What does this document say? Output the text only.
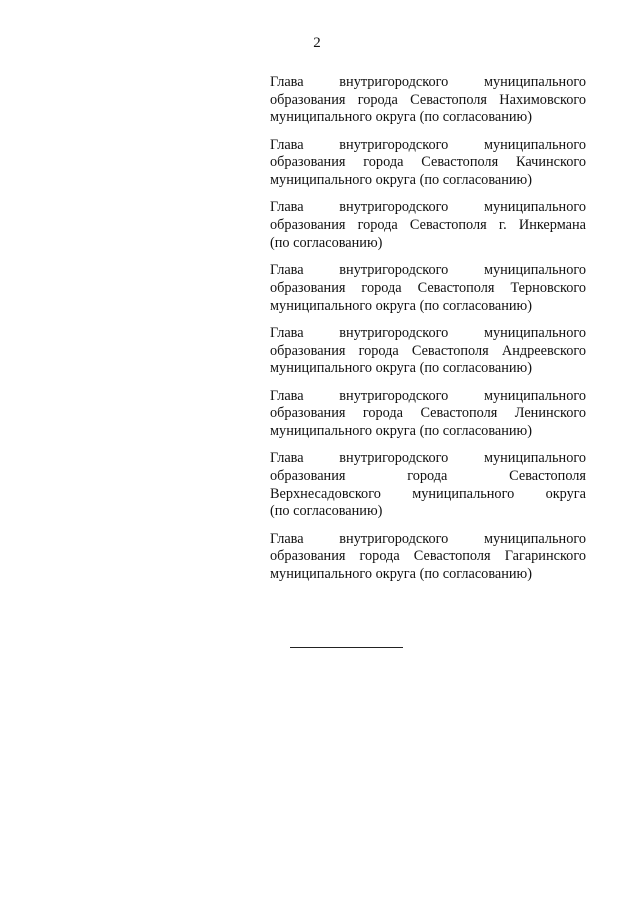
2
Глава внутригородского муниципального
образования города Севастополя Нахимовского
муниципального округа (по согласованию)
Глава внутригородского муниципального
образования города Севастополя Качинского
муниципального округа (по согласованию)
Глава внутригородского муниципального
образования города Севастополя г. Инкермана
(по согласованию)
Глава внутригородского муниципального
образования города Севастополя Терновского
муниципального округа (по согласованию)
Глава внутригородского муниципального
образования города Севастополя Андреевского
муниципального округа (по согласованию)
Глава внутригородского муниципального
образования города Севастополя Ленинского
муниципального округа (по согласованию)
Глава внутригородского муниципального
образования города Севастополя
Верхнесадовского муниципального округа
(по согласованию)
Глава внутригородского муниципального
образования города Севастополя Гагаринского
муниципального округа (по согласованию)
